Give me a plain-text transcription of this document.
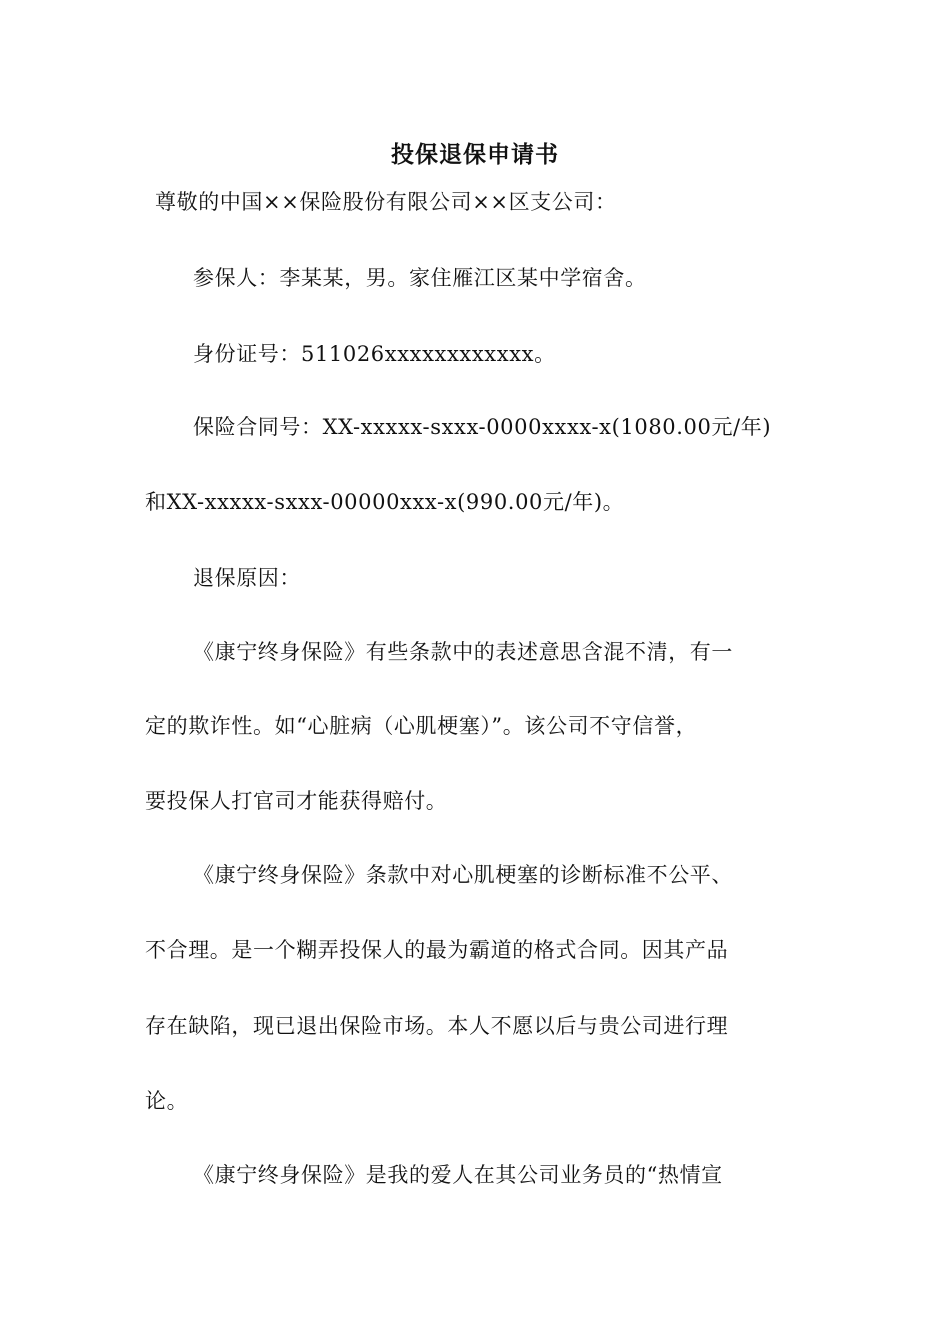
投保退保申请书
尊敬的中国××保险股份有限公司××区支公司：
参保人：李某某，男。家住雁江区某中学宿舍。
身份证号：511026xxxxxxxxxxxx。
保险合同号：XX-xxxxx-sxxx-0000xxxx-x(1080.00元/年)
和XX-xxxxx-sxxx-00000xxx-x(990.00元/年)。
退保原因：
《康宁终身保险》有些条款中的表述意思含混不清，有一
定的欺诈性。如“心脏病（心肌梗塞）”。该公司不守信誉，
要投保人打官司才能获得赔付。
《康宁终身保险》条款中对心肌梗塞的诊断标准不公平、
不合理。是一个糊弄投保人的最为霸道的格式合同。因其产品
存在缺陷，现已退出保险市场。本人不愿以后与贵公司进行理
论。
《康宁终身保险》是我的爱人在其公司业务员的“热情宣
